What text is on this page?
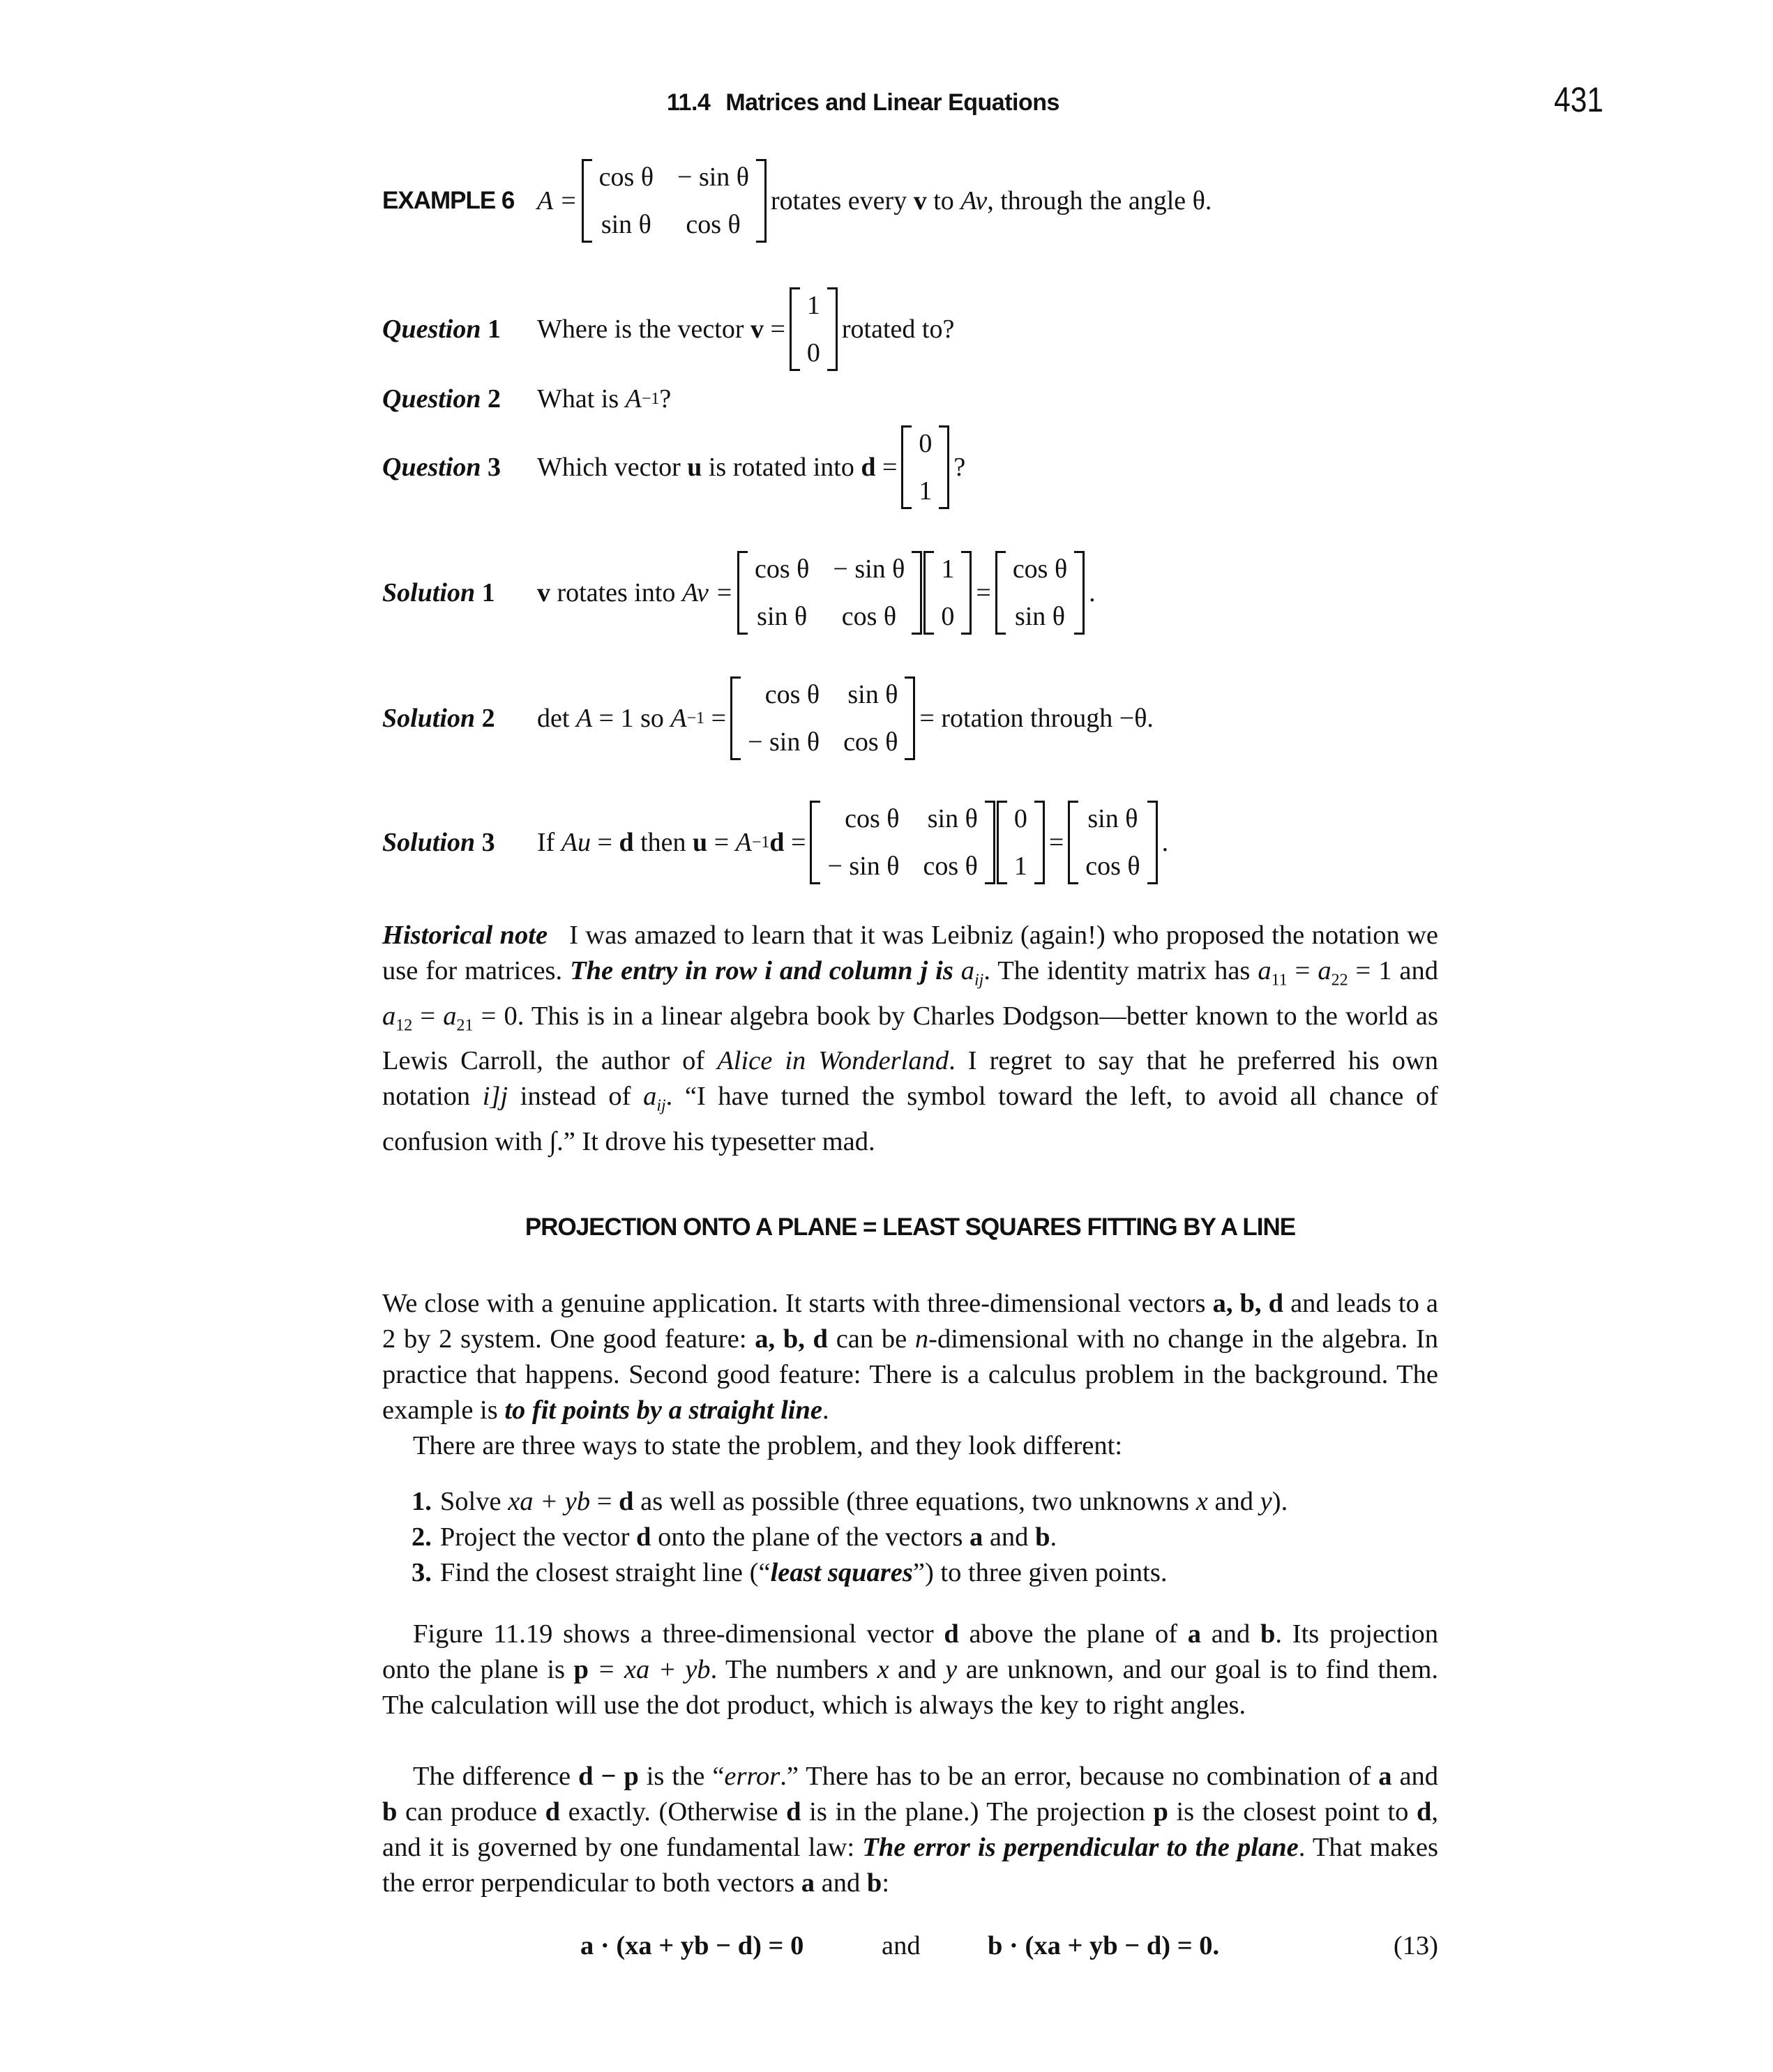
11.4 Matrices and Linear Equations	431
EXAMPLE 6 A =
cos θ − sin θ
sin θ	cos θ
rotates every v to Av, through the angle θ.
Question 1	Where is the vector
v
=
1
0
rotated to?
Question 2	What is
A −1 ?
Question 3	Which vector
u
is rotated into
d
=
0
1
?
Solution 1	v
rotates into
Av =
cos θ − sin θ
sin θ	cos θ
1
0
=
cos θ
sin θ
.
Solution 2	det
A
= 1 so
A −1
=
cos θ sin θ
− sin θ cos θ
= rotation through −θ.
Solution 3	If
Au
=
d
then
u
=
A −1 d
=
cos θ sin θ
− sin θ cos θ
0
1
=
sin θ
cos θ
.
Historical note I was amazed to learn that it was Leibniz (again!) who proposed the notation we use for matrices. The entry in row i and column j is $a_{ij}$. The identity matrix has $a_{11} = a_{22} = 1$ and $a_{12} = a_{21} = 0$. This is in a linear algebra book by Charles Dodgson—better known to the world as Lewis Carroll, the author of Alice in Wonderland. I regret to say that he preferred his own notation i]j instead of $a_{ij}$. “I have turned the symbol toward the left, to avoid all chance of confusion with ∫.” It drove his typesetter mad.
PROJECTION ONTO A PLANE = LEAST SQUARES FITTING BY A LINE
We close with a genuine application. It starts with three-dimensional vectors a, b, d and leads to a 2 by 2 system. One good feature: a, b, d can be n-dimensional with no change in the algebra. In practice that happens. Second good feature: There is a calculus problem in the background. The example is to fit points by a straight line.
There are three ways to state the problem, and they look different:
1. Solve xa + yb = d as well as possible (three equations, two unknowns x and y).
2. Project the vector d onto the plane of the vectors a and b.
3. Find the closest straight line (“least squares”) to three given points.
Figure 11.19 shows a three-dimensional vector d above the plane of a and b. Its projection onto the plane is p = xa + yb. The numbers x and y are unknown, and our goal is to find them. The calculation will use the dot product, which is always the key to right angles.
The difference d − p is the “error.” There has to be an error, because no combination of a and b can produce d exactly. (Otherwise d is in the plane.) The projection p is the closest point to d, and it is governed by one fundamental law: The error is perpendicular to the plane. That makes the error perpendicular to both vectors a and b:
a · (xa + yb − d) = 0	and	b · (xa + yb − d) = 0.	(13)
